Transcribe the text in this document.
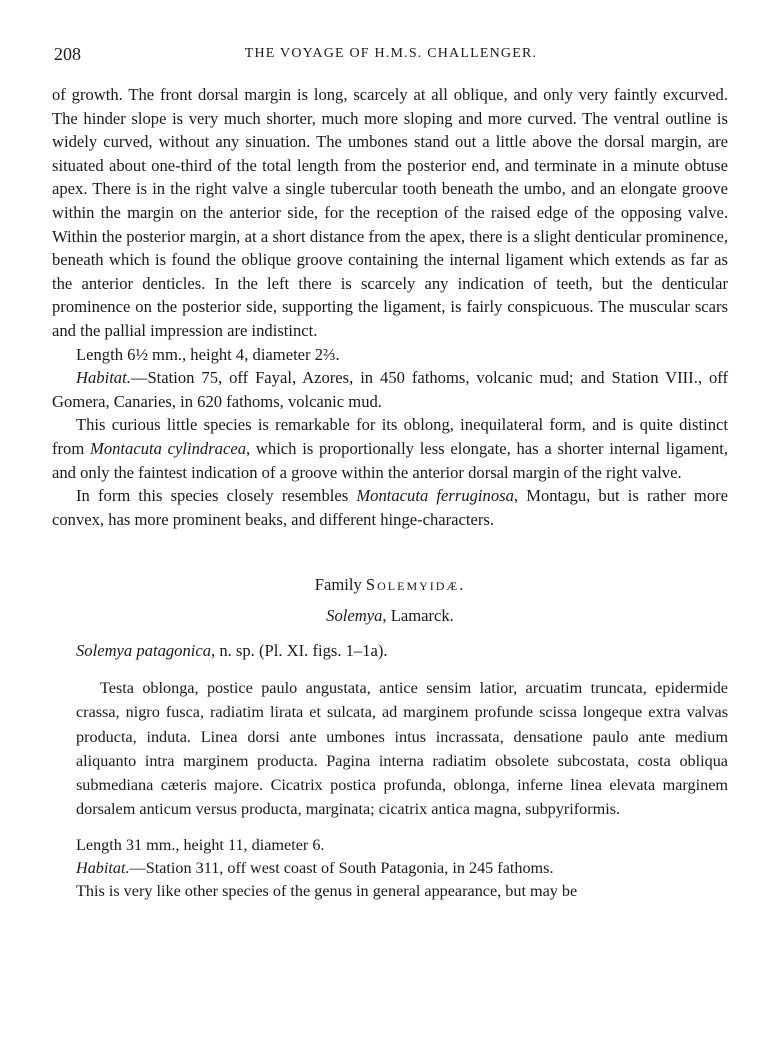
208	THE VOYAGE OF H.M.S. CHALLENGER.

of growth. The front dorsal margin is long, scarcely at all oblique, and only very faintly excurved. The hinder slope is very much shorter, much more sloping and more curved. The ventral outline is widely curved, without any sinuation. The umbones stand out a little above the dorsal margin, are situated about one-third of the total length from the posterior end, and terminate in a minute obtuse apex. There is in the right valve a single tubercular tooth beneath the umbo, and an elongate groove within the margin on the anterior side, for the reception of the raised edge of the opposing valve. Within the posterior margin, at a short distance from the apex, there is a slight denticular prominence, beneath which is found the oblique groove containing the internal ligament which extends as far as the anterior denticles. In the left there is scarcely any indication of teeth, but the denticular prominence on the posterior side, supporting the ligament, is fairly conspicuous. The muscular scars and the pallial impression are indistinct.

Length 6½ mm., height 4, diameter 2⅔.

Habitat.—Station 75, off Fayal, Azores, in 450 fathoms, volcanic mud; and Station VIII., off Gomera, Canaries, in 620 fathoms, volcanic mud.

This curious little species is remarkable for its oblong, inequilateral form, and is quite distinct from Montacuta cylindracea, which is proportionally less elongate, has a shorter internal ligament, and only the faintest indication of a groove within the anterior dorsal margin of the right valve.

In form this species closely resembles Montacuta ferruginosa, Montagu, but is rather more convex, has more prominent beaks, and different hinge-characters.

Family Solemyidæ.
Solemya, Lamarck.
Solemya patagonica, n. sp. (Pl. XI. figs. 1–1a).

Testa oblonga, postice paulo angustata, antice sensim latior, arcuatim truncata, epidermide crassa, nigro fusca, radiatim lirata et sulcata, ad marginem profunde scissa longeque extra valvas producta, induta. Linea dorsi ante umbones intus incrassata, densatione paulo ante medium aliquanto intra marginem producta. Pagina interna radiatim obsolete subcostata, costa obliqua submediana cæteris majore. Cicatrix postica profunda, oblonga, inferne linea elevata marginem dorsalem anticum versus producta, marginata; cicatrix antica magna, subpyriformis.

Length 31 mm., height 11, diameter 6.

Habitat.—Station 311, off west coast of South Patagonia, in 245 fathoms.

This is very like other species of the genus in general appearance, but may be
